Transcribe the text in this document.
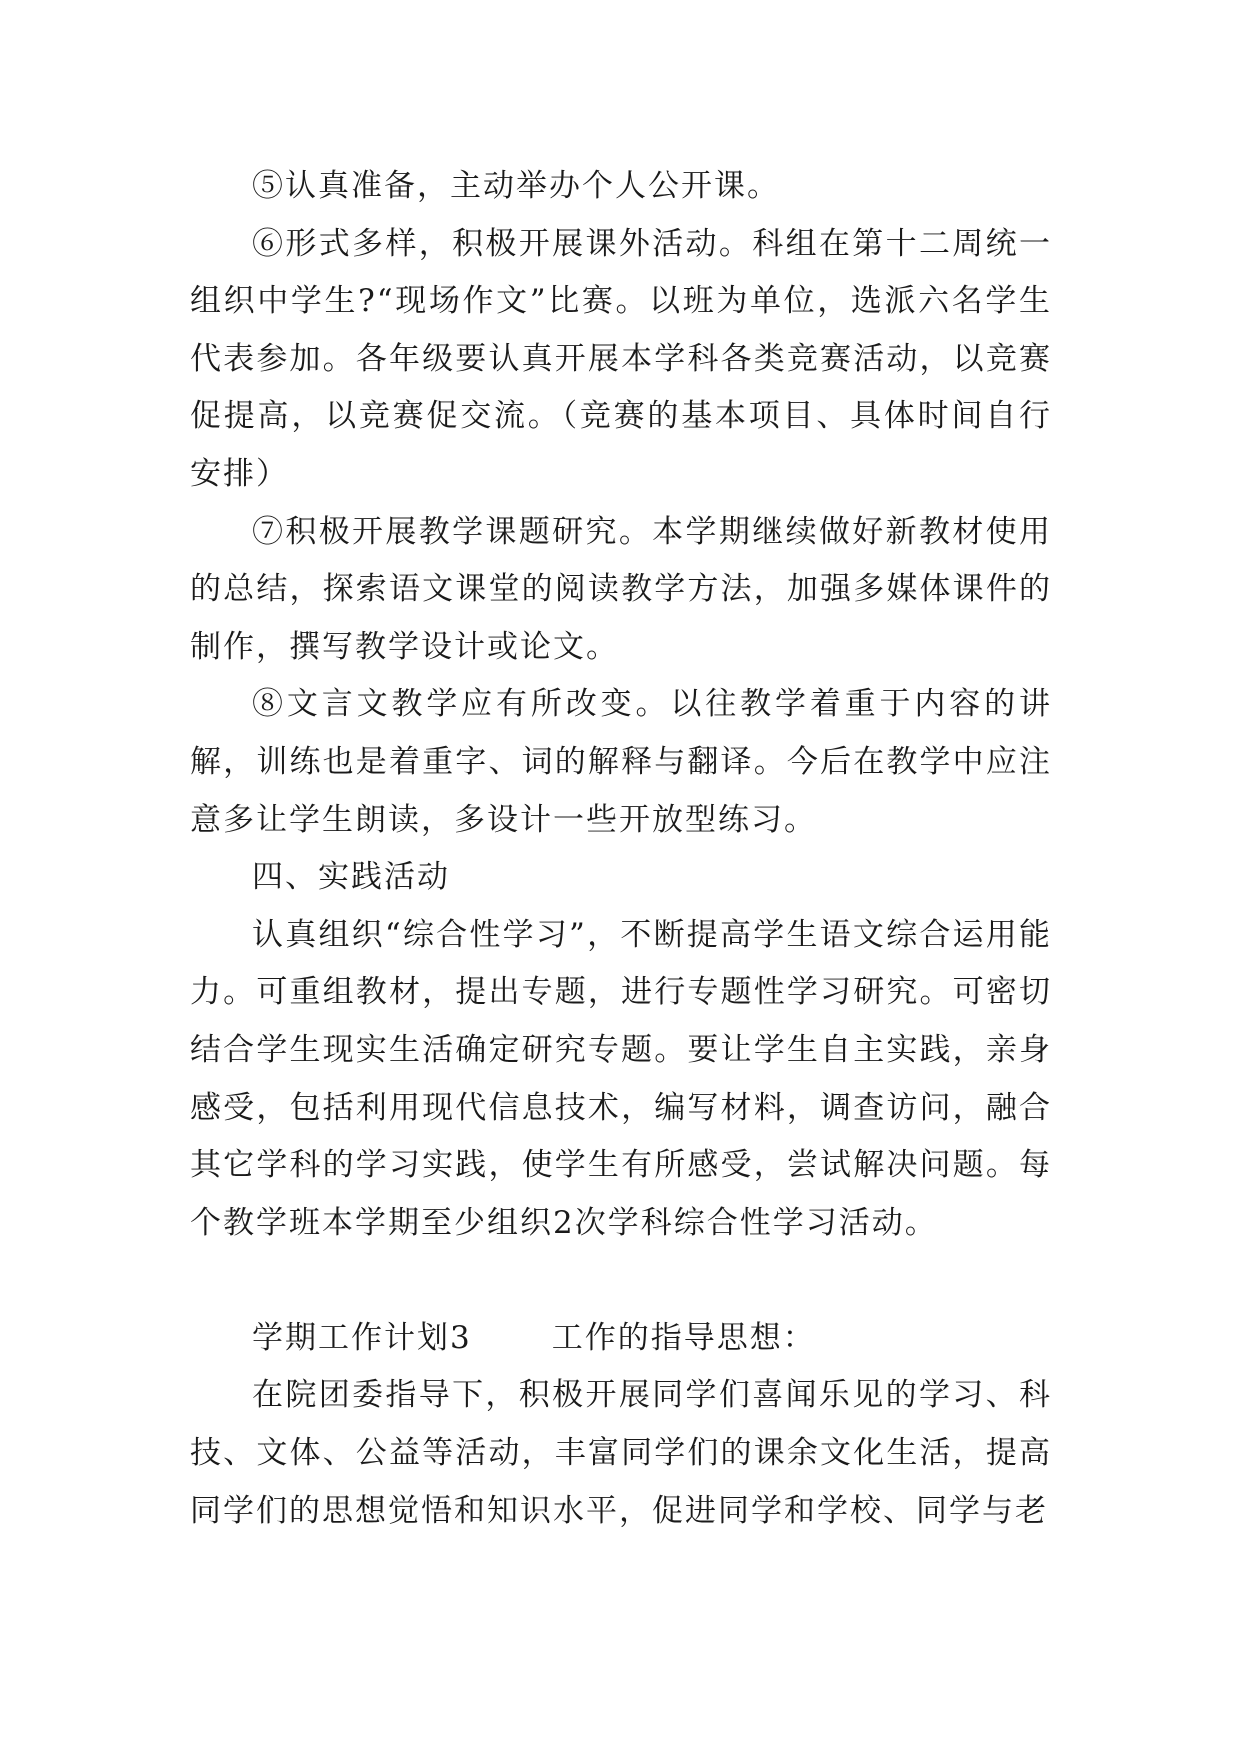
⑤认真准备，主动举办个人公开课。

⑥形式多样，积极开展课外活动。科组在第十二周统一组织中学生?“现场作文”比赛。以班为单位，选派六名学生代表参加。各年级要认真开展本学科各类竞赛活动，以竞赛促提高，以竞赛促交流。（竞赛的基本项目、具体时间自行安排）

⑦积极开展教学课题研究。本学期继续做好新教材使用的总结，探索语文课堂的阅读教学方法，加强多媒体课件的制作，撰写教学设计或论文。

⑧文言文教学应有所改变。以往教学着重于内容的讲解，训练也是着重字、词的解释与翻译。今后在教学中应注意多让学生朗读，多设计一些开放型练习。

四、实践活动

认真组织“综合性学习”，不断提高学生语文综合运用能力。可重组教材，提出专题，进行专题性学习研究。可密切结合学生现实生活确定研究专题。要让学生自主实践，亲身感受，包括利用现代信息技术，编写材料，调查访问，融合其它学科的学习实践，使学生有所感受，尝试解决问题。每个教学班本学期至少组织2次学科综合性学习活动。

学期工作计划3	工作的指导思想：

在院团委指导下，积极开展同学们喜闻乐见的学习、科技、文体、公益等活动，丰富同学们的课余文化生活，提高同学们的思想觉悟和知识水平，促进同学和学校、同学与老
